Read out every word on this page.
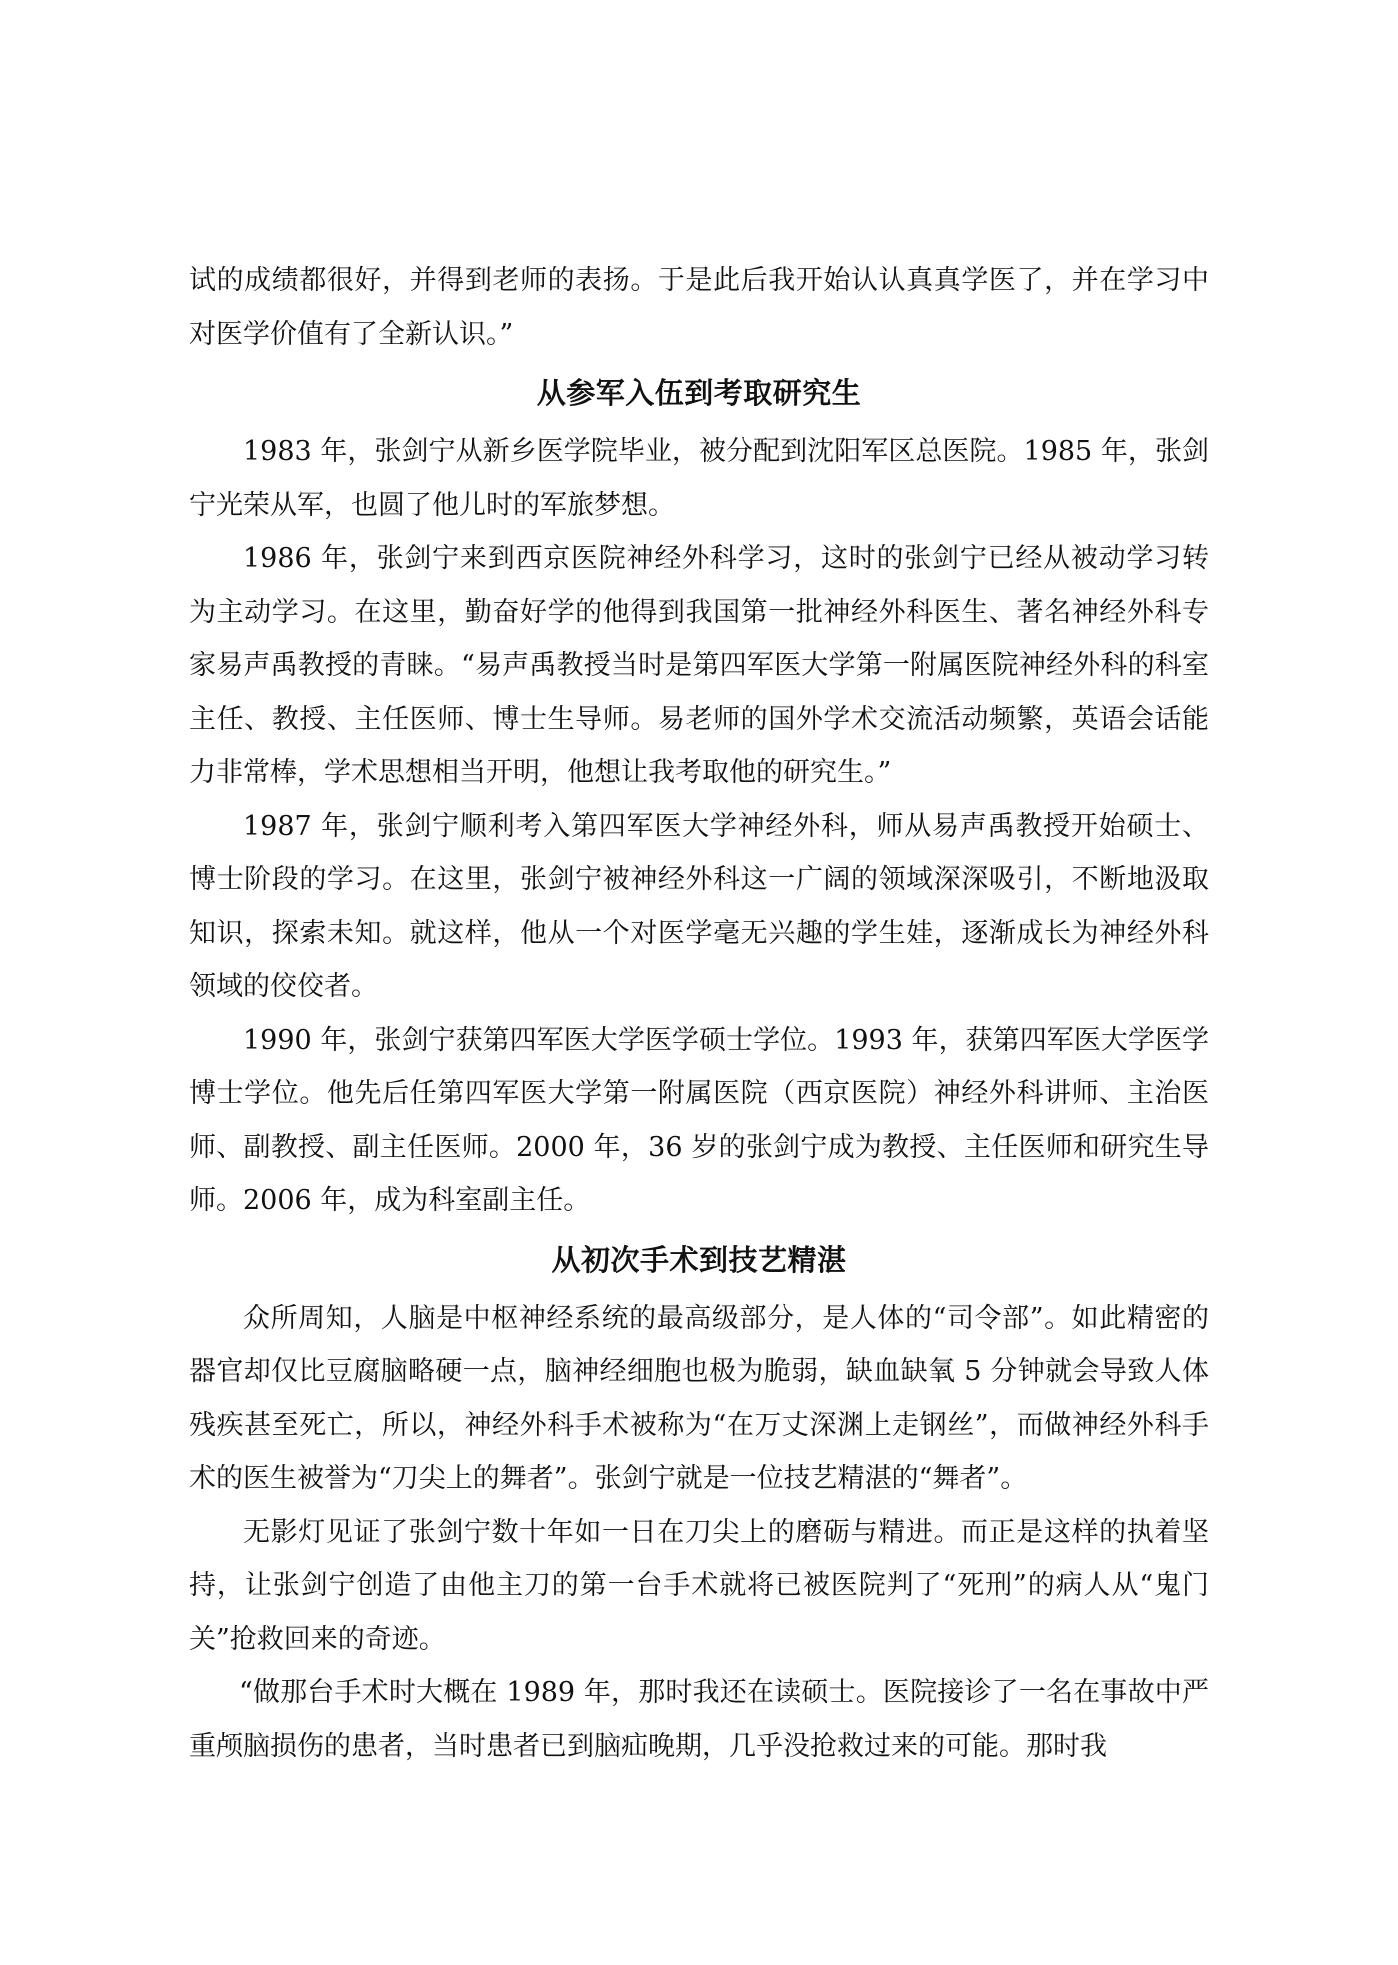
试的成绩都很好，并得到老师的表扬。于是此后我开始认认真真学医了，并在学习中对医学价值有了全新认识。”

从参军入伍到考取研究生

1983 年，张剑宁从新乡医学院毕业，被分配到沈阳军区总医院。1985 年，张剑宁光荣从军，也圆了他儿时的军旅梦想。

1986 年，张剑宁来到西京医院神经外科学习，这时的张剑宁已经从被动学习转为主动学习。在这里，勤奋好学的他得到我国第一批神经外科医生、著名神经外科专家易声禹教授的青睐。“易声禹教授当时是第四军医大学第一附属医院神经外科的科室主任、教授、主任医师、博士生导师。易老师的国外学术交流活动频繁，英语会话能力非常棒，学术思想相当开明，他想让我考取他的研究生。”

1987 年，张剑宁顺利考入第四军医大学神经外科，师从易声禹教授开始硕士、博士阶段的学习。在这里，张剑宁被神经外科这一广阔的领域深深吸引，不断地汲取知识，探索未知。就这样，他从一个对医学毫无兴趣的学生娃，逐渐成长为神经外科领域的佼佼者。

1990 年，张剑宁获第四军医大学医学硕士学位。1993 年，获第四军医大学医学博士学位。他先后任第四军医大学第一附属医院（西京医院）神经外科讲师、主治医师、副教授、副主任医师。2000 年，36 岁的张剑宁成为教授、主任医师和研究生导师。2006 年，成为科室副主任。

从初次手术到技艺精湛

众所周知，人脑是中枢神经系统的最高级部分，是人体的“司令部”。如此精密的器官却仅比豆腐脑略硬一点，脑神经细胞也极为脆弱，缺血缺氧 5 分钟就会导致人体残疾甚至死亡，所以，神经外科手术被称为“在万丈深渊上走钢丝”，而做神经外科手术的医生被誉为“刀尖上的舞者”。张剑宁就是一位技艺精湛的“舞者”。

无影灯见证了张剑宁数十年如一日在刀尖上的磨砺与精进。而正是这样的执着坚持，让张剑宁创造了由他主刀的第一台手术就将已被医院判了“死刑”的病人从“鬼门关”抢救回来的奇迹。

“做那台手术时大概在 1989 年，那时我还在读硕士。医院接诊了一名在事故中严重颅脑损伤的患者，当时患者已到脑疝晚期，几乎没抢救过来的可能。那时我
